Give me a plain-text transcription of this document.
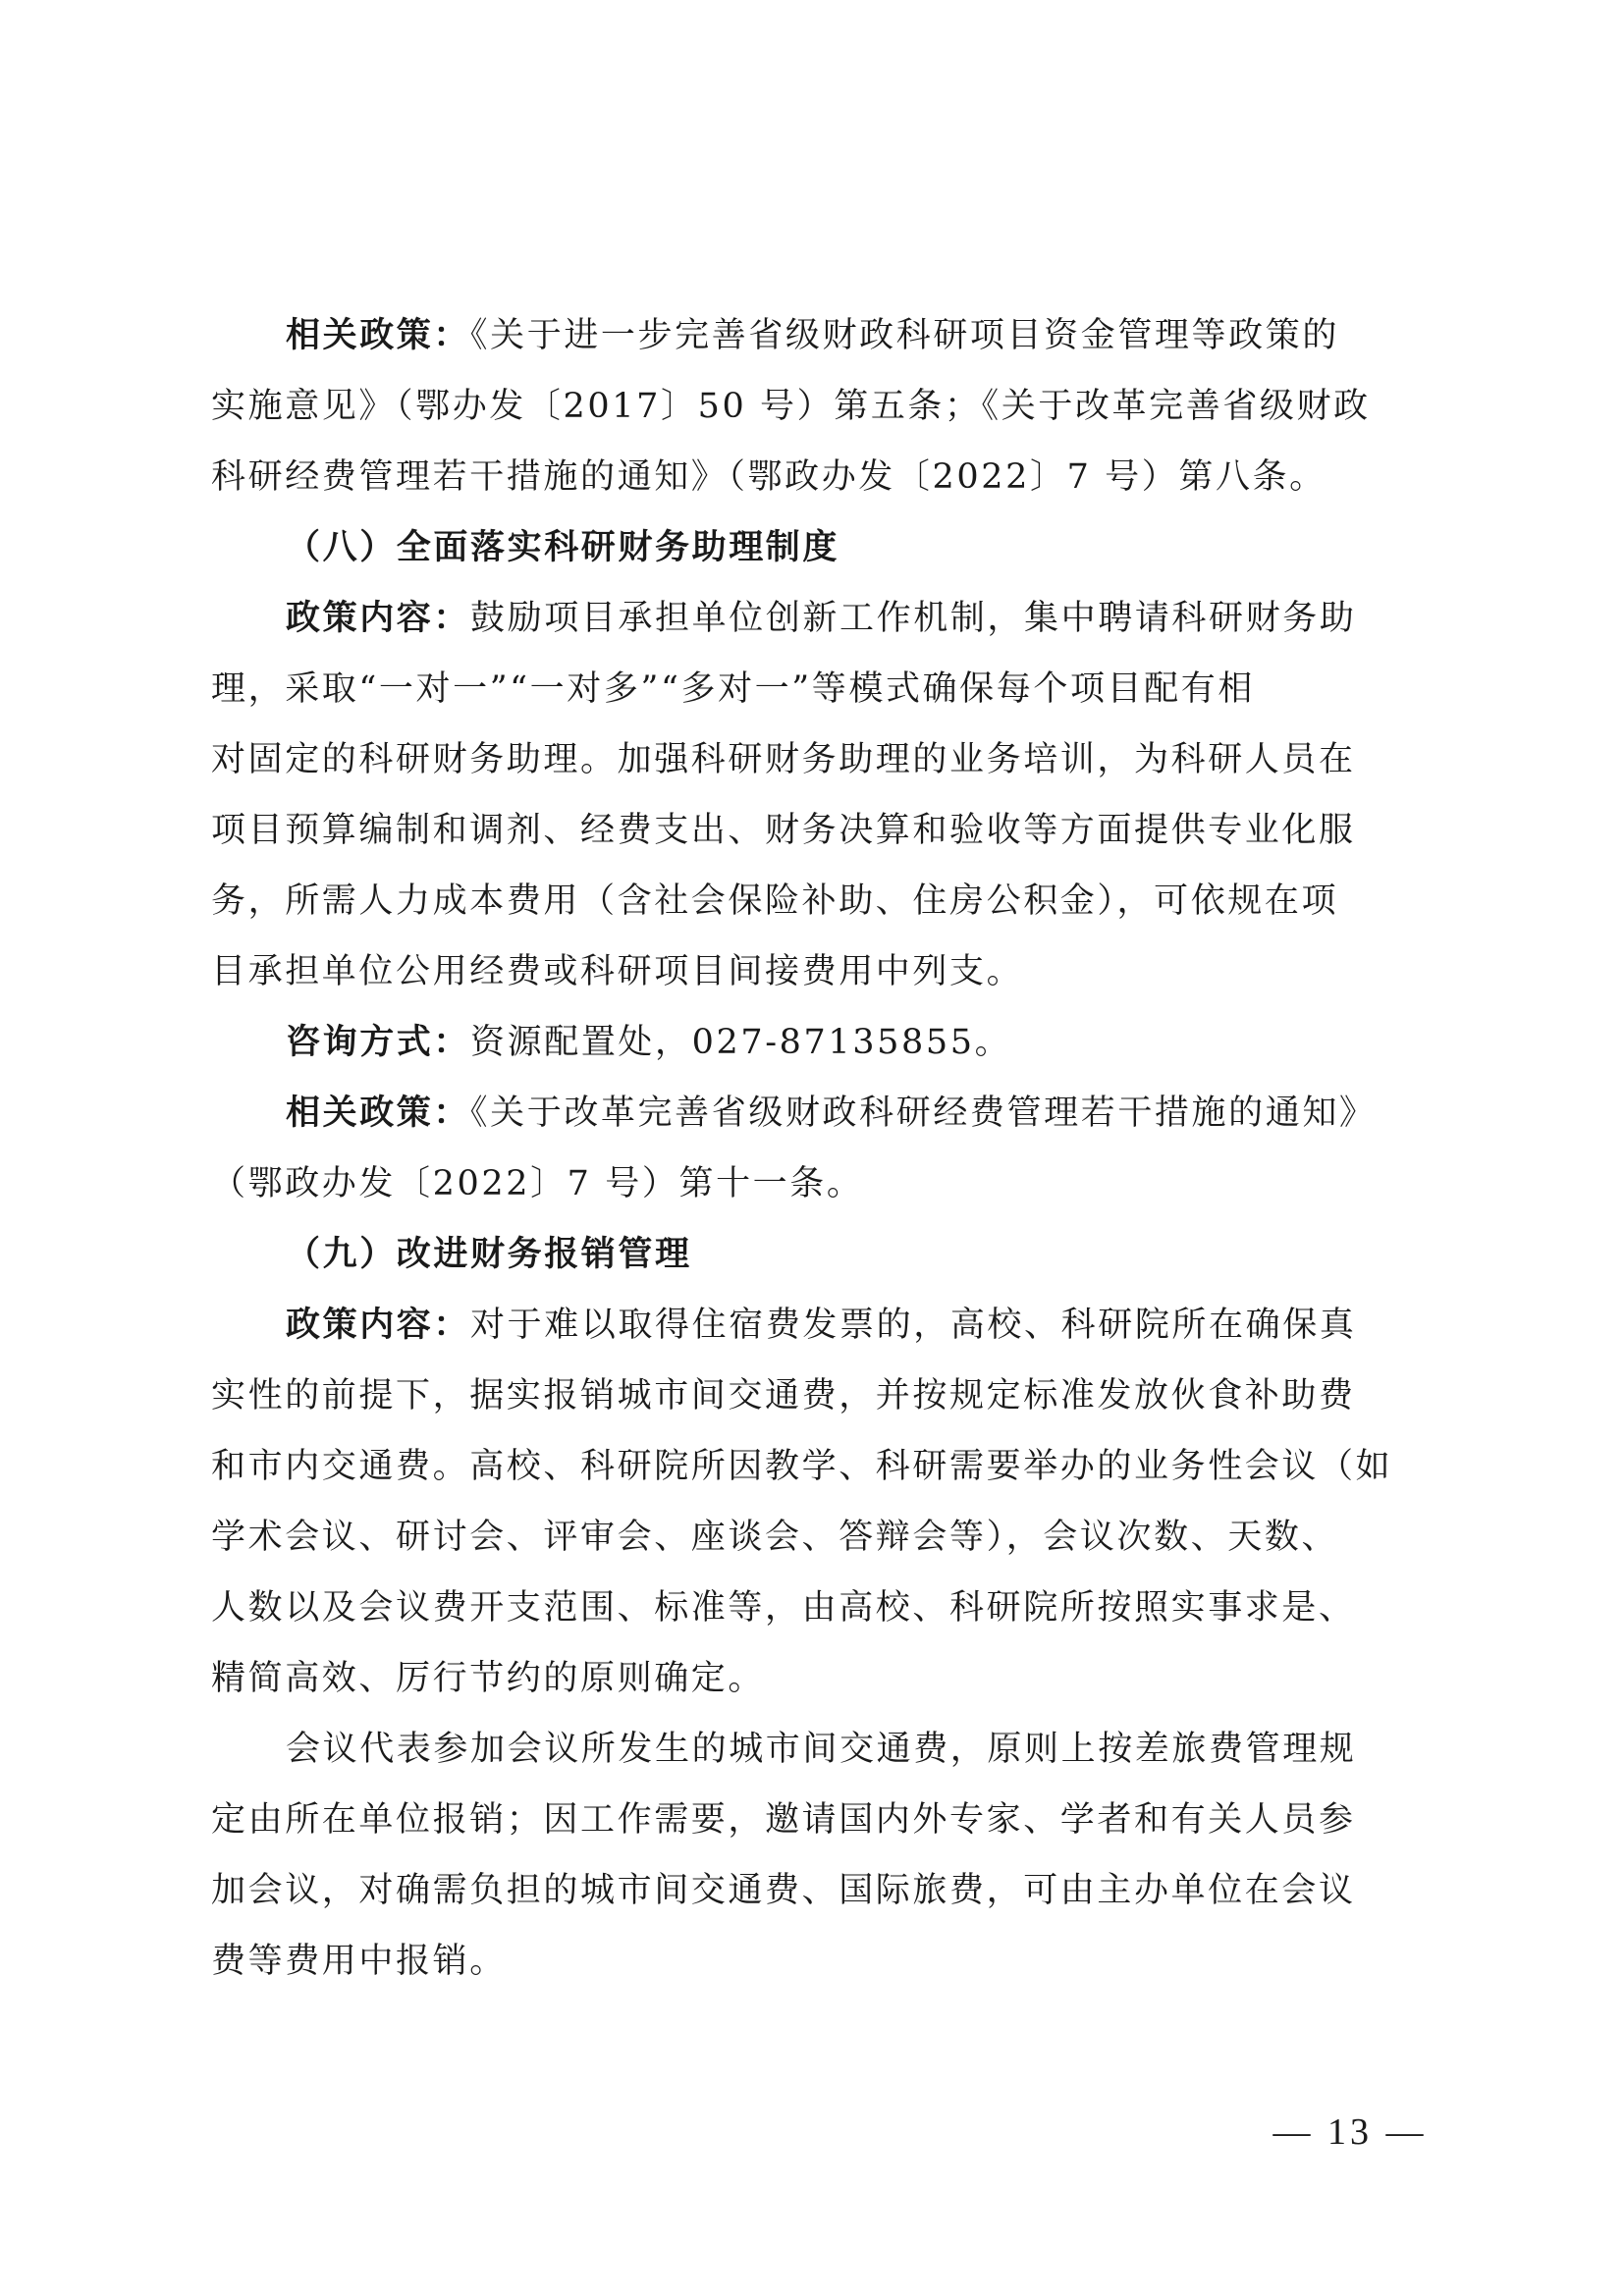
相关政策：《关于进一步完善省级财政科研项目资金管理等政策的
实施意见》（鄂办发〔2017〕50 号）第五条；《关于改革完善省级财政
科研经费管理若干措施的通知》（鄂政办发〔2022〕7 号）第八条。
（八）全面落实科研财务助理制度
政策内容：鼓励项目承担单位创新工作机制，集中聘请科研财务助
理，采取“一对一”“一对多”“多对一”等模式确保每个项目配有相
对固定的科研财务助理。加强科研财务助理的业务培训，为科研人员在
项目预算编制和调剂、经费支出、财务决算和验收等方面提供专业化服
务，所需人力成本费用（含社会保险补助、住房公积金），可依规在项
目承担单位公用经费或科研项目间接费用中列支。
咨询方式：资源配置处，027-87135855。
相关政策：《关于改革完善省级财政科研经费管理若干措施的通知》
（鄂政办发〔2022〕7 号）第十一条。
（九）改进财务报销管理
政策内容：对于难以取得住宿费发票的，高校、科研院所在确保真
实性的前提下，据实报销城市间交通费，并按规定标准发放伙食补助费
和市内交通费。高校、科研院所因教学、科研需要举办的业务性会议（如
学术会议、研讨会、评审会、座谈会、答辩会等），会议次数、天数、
人数以及会议费开支范围、标准等，由高校、科研院所按照实事求是、
精简高效、厉行节约的原则确定。
会议代表参加会议所发生的城市间交通费，原则上按差旅费管理规
定由所在单位报销；因工作需要，邀请国内外专家、学者和有关人员参
加会议，对确需负担的城市间交通费、国际旅费，可由主办单位在会议
费等费用中报销。
— 13 —
